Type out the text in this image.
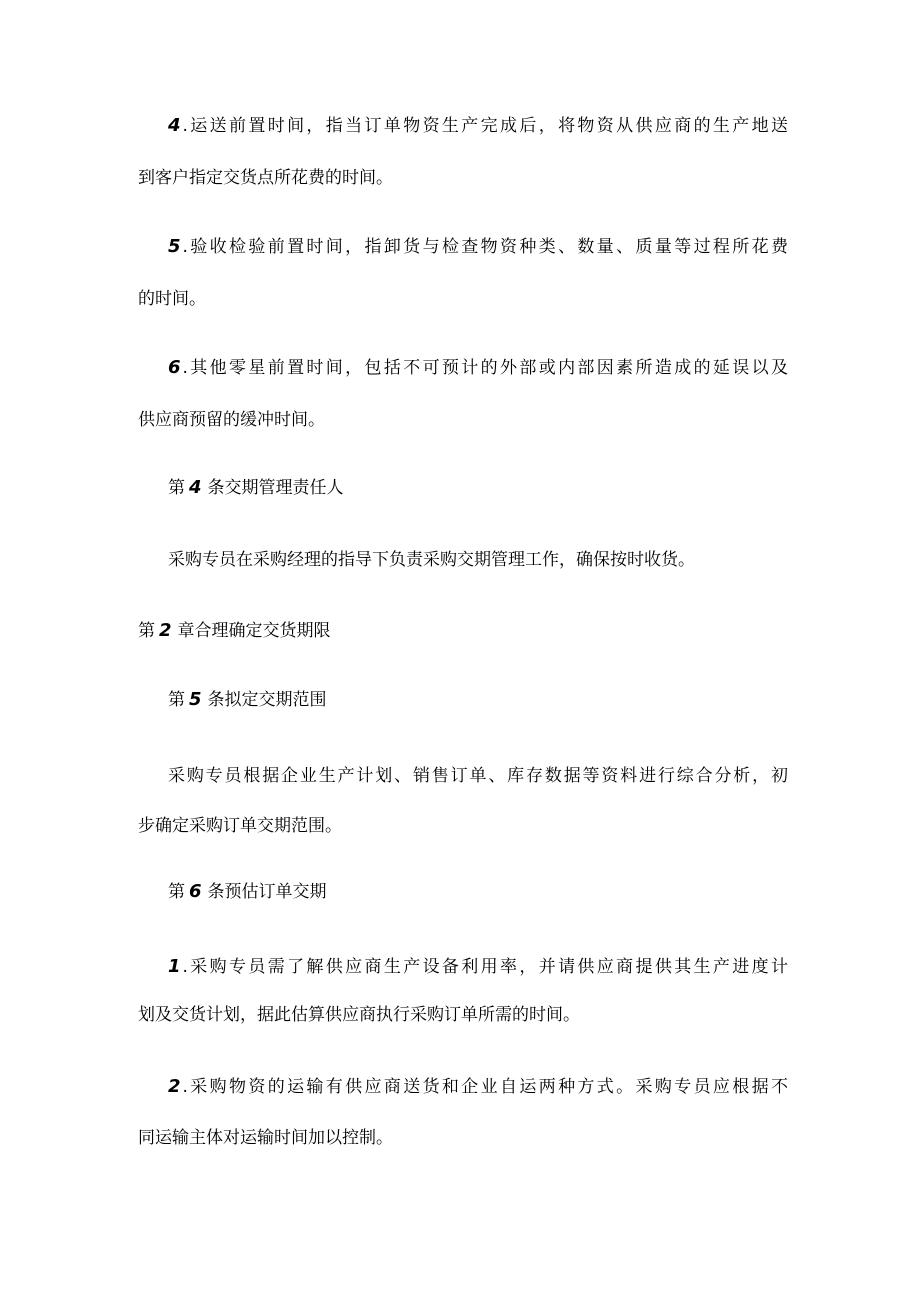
4.运送前置时间，指当订单物资生产完成后，将物资从供应商的生产地送
到客户指定交货点所花费的时间。
5.验收检验前置时间，指卸货与检查物资种类、数量、质量等过程所花费
的时间。
6.其他零星前置时间，包括不可预计的外部或内部因素所造成的延误以及
供应商预留的缓冲时间。
第 4 条交期管理责任人
采购专员在采购经理的指导下负责采购交期管理工作，确保按时收货。
第 2 章合理确定交货期限
第 5 条拟定交期范围
采购专员根据企业生产计划、销售订单、库存数据等资料进行综合分析，初
步确定采购订单交期范围。
第 6 条预估订单交期
1.采购专员需了解供应商生产设备利用率，并请供应商提供其生产进度计
划及交货计划，据此估算供应商执行采购订单所需的时间。
2.采购物资的运输有供应商送货和企业自运两种方式。采购专员应根据不
同运输主体对运输时间加以控制。
